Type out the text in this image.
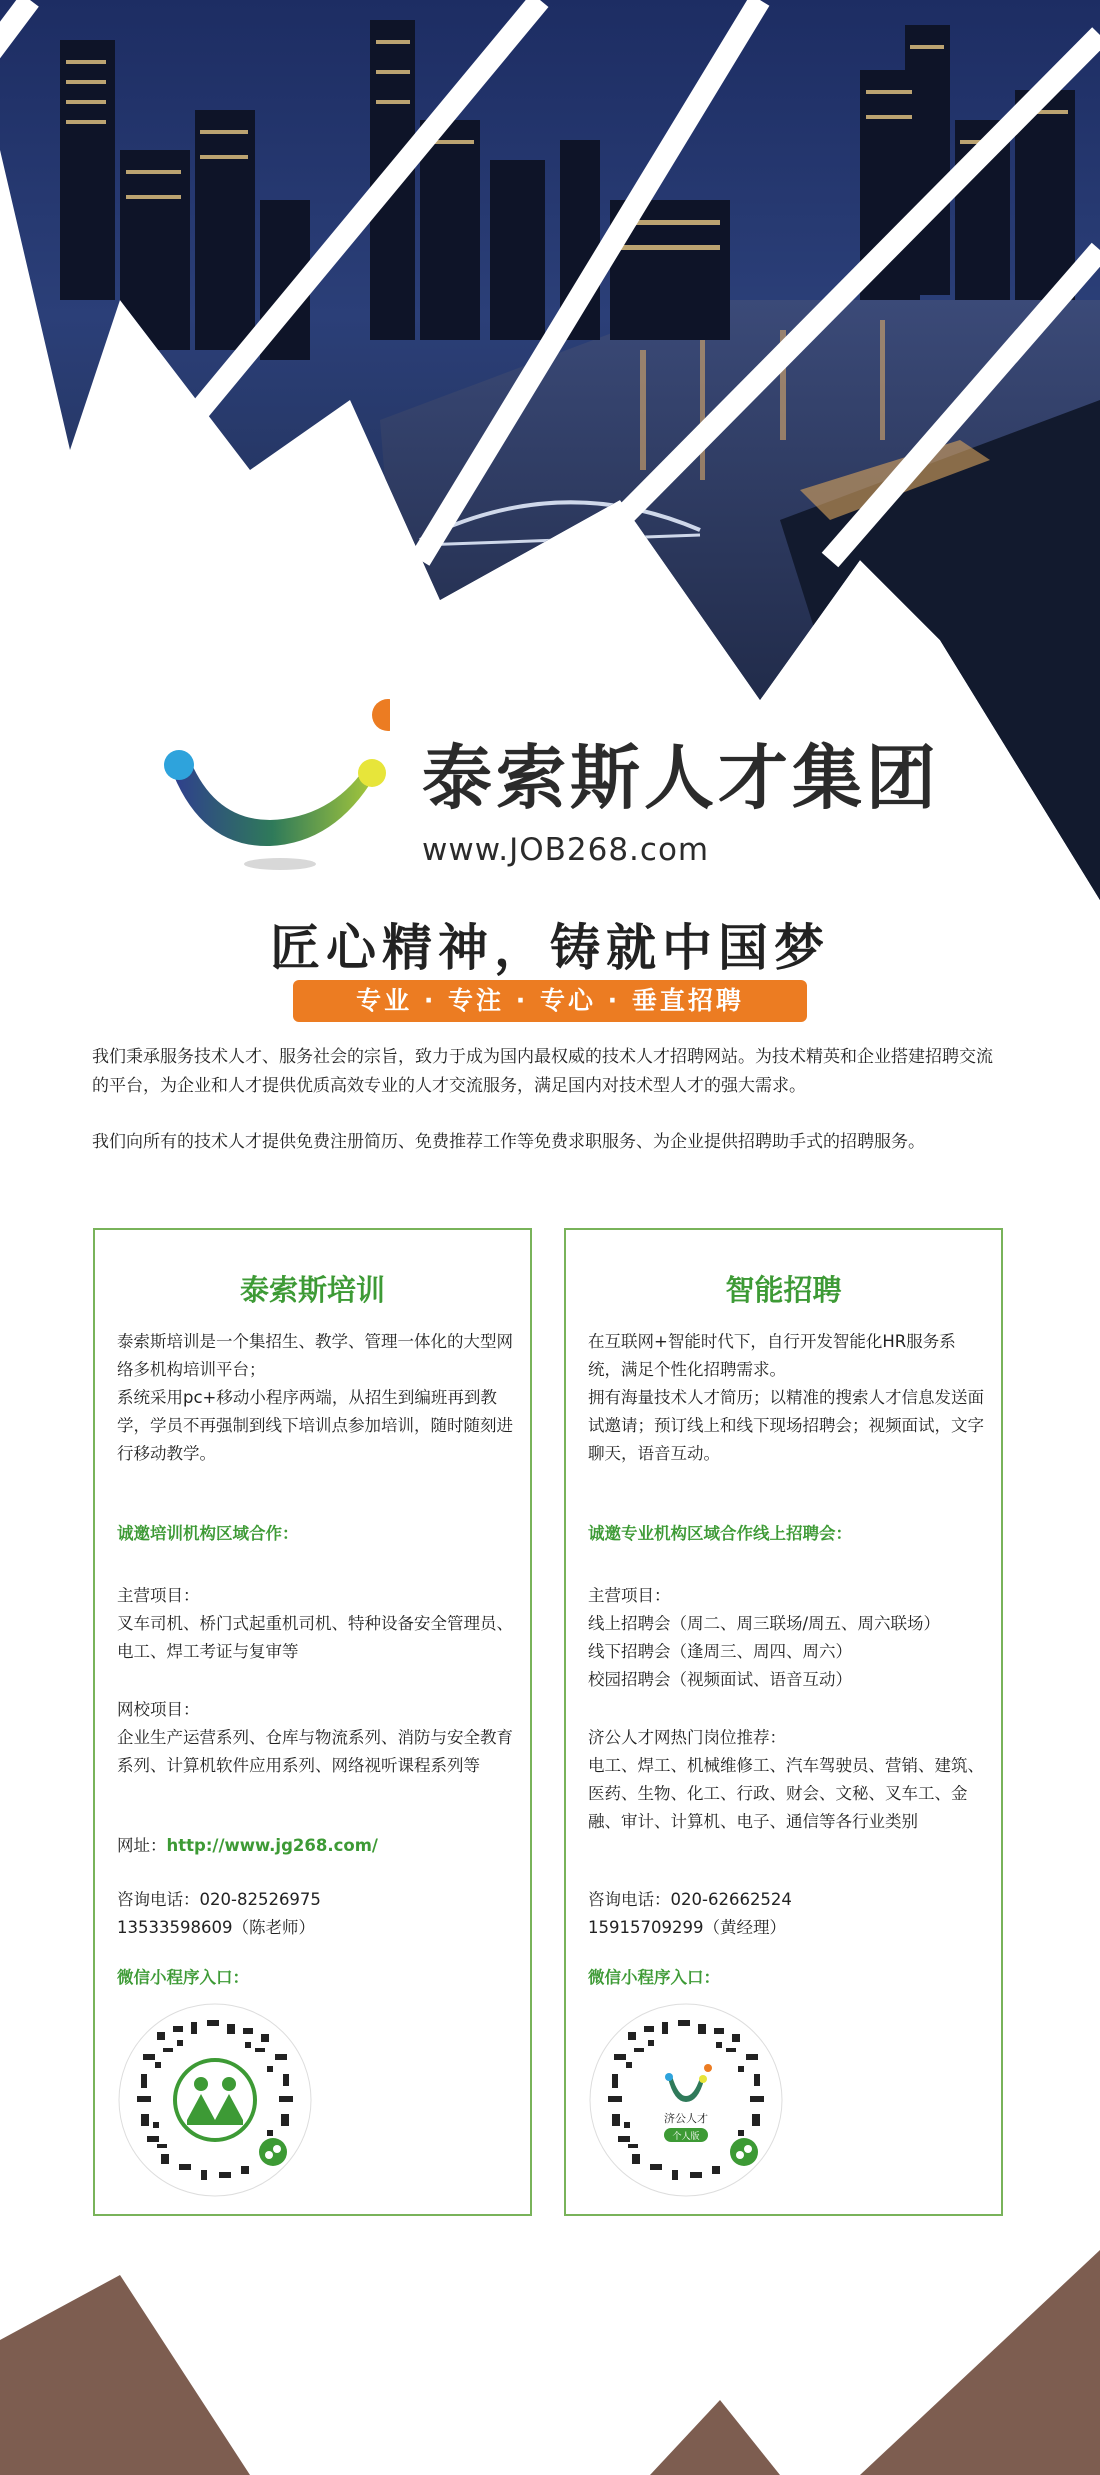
泰索斯人才集团
www.JOB268.com
匠心精神，铸就中国梦
专业 · 专注 · 专心 · 垂直招聘

我们秉承服务技术人才、服务社会的宗旨，致力于成为国内最权威的技术人才招聘网站。为技术精英和企业搭建招聘交流的平台，为企业和人才提供优质高效专业的人才交流服务，满足国内对技术型人才的强大需求。

我们向所有的技术人才提供免费注册简历、免费推荐工作等免费求职服务、为企业提供招聘助手式的招聘服务。

泰索斯培训

泰索斯培训是一个集招生、教学、管理一体化的大型网络多机构培训平台；

系统采用pc+移动小程序两端，从招生到编班再到教学，学员不再强制到线下培训点参加培训，随时随刻进行移动教学。

诚邀培训机构区域合作：

主营项目：

叉车司机、桥门式起重机司机、特种设备安全管理员、电工、焊工考证与复审等

网校项目：

企业生产运营系列、仓库与物流系列、消防与安全教育系列、计算机软件应用系列、网络视听课程系列等

网址：http://www.jg268.com/

咨询电话：020-82526975

13533598609（陈老师）

微信小程序入口：
智能招聘

在互联网+智能时代下，自行开发智能化HR服务系统，满足个性化招聘需求。

拥有海量技术人才简历；以精准的搜索人才信息发送面试邀请；预订线上和线下现场招聘会；视频面试，文字聊天，语音互动。

诚邀专业机构区域合作线上招聘会：

主营项目：

线上招聘会（周二、周三联场/周五、周六联场）

线下招聘会（逢周三、周四、周六）

校园招聘会（视频面试、语音互动）

济公人才网热门岗位推荐：

电工、焊工、机械维修工、汽车驾驶员、营销、建筑、医药、生物、化工、行政、财会、文秘、叉车工、金融、审计、计算机、电子、通信等各行业类别

咨询电话：020-62662524

15915709299（黄经理）

微信小程序入口：
济公人才
个人版
